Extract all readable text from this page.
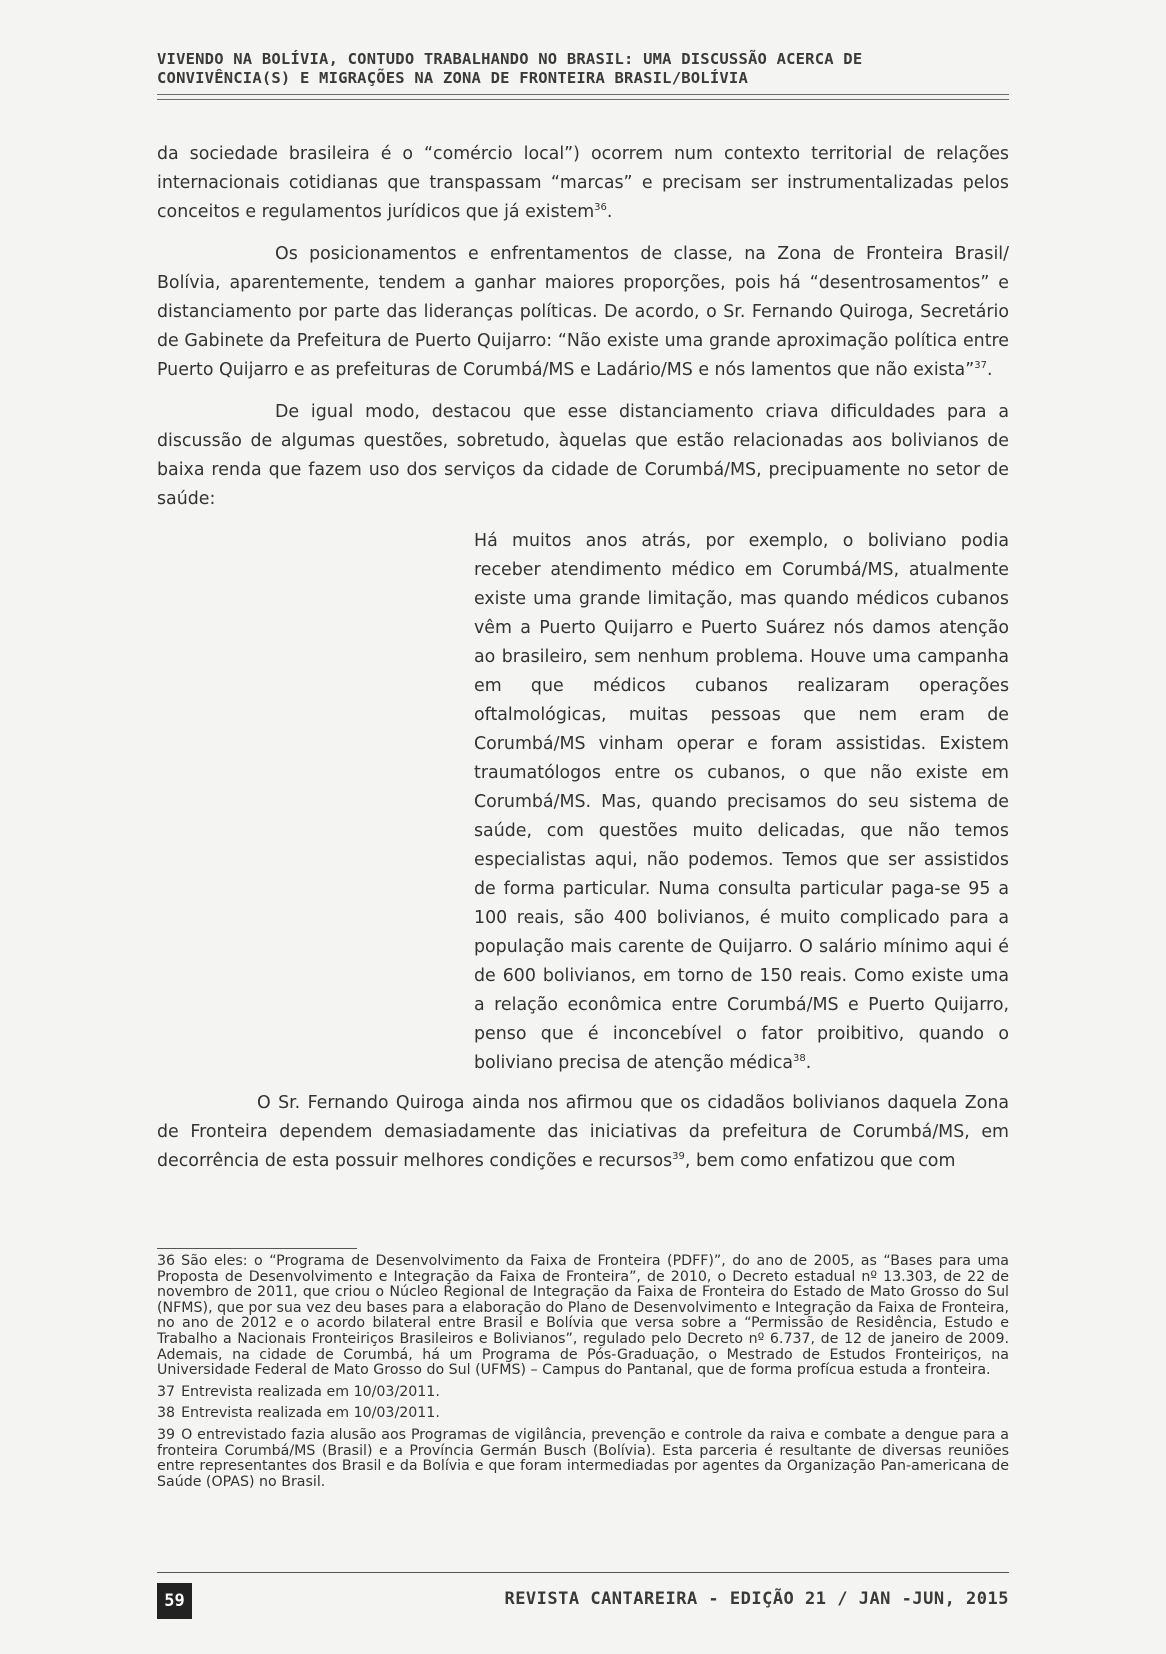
VIVENDO NA BOLÍVIA, CONTUDO TRABALHANDO NO BRASIL: UMA DISCUSSÃO ACERCA DE
CONVIVÊNCIA(S) E MIGRAÇÕES NA ZONA DE FRONTEIRA BRASIL/BOLÍVIA

da sociedade brasileira é o “comércio local”) ocorrem num contexto territorial de relações internacionais cotidianas que transpassam “marcas” e precisam ser instrumentalizadas pelos conceitos e regulamentos jurídicos que já existem$^{36}$.

Os posicionamentos e enfrentamentos de classe, na Zona de Fronteira Brasil/ Bolívia, aparentemente, tendem a ganhar maiores proporções, pois há “desentrosamentos” e distanciamento por parte das lideranças políticas. De acordo, o Sr. Fernando Quiroga, Secretário de Gabinete da Prefeitura de Puerto Quijarro: “Não existe uma grande aproximação política entre Puerto Quijarro e as prefeituras de Corumbá/MS e Ladário/MS e nós lamentos que não exista”$^{37}$.

De igual modo, destacou que esse distanciamento criava dificuldades para a discussão de algumas questões, sobretudo, àquelas que estão relacionadas aos bolivianos de baixa renda que fazem uso dos serviços da cidade de Corumbá/MS, precipuamente no setor de saúde:

Há muitos anos atrás, por exemplo, o boliviano podia receber atendimento médico em Corumbá/MS, atualmente existe uma grande limitação, mas quando médicos cubanos vêm a Puerto Quijarro e Puerto Suárez nós damos atenção ao brasileiro, sem nenhum problema. Houve uma campanha em que médicos cubanos realizaram operações oftalmológicas, muitas pessoas que nem eram de Corumbá/MS vinham operar e foram assistidas. Existem traumatólogos entre os cubanos, o que não existe em Corumbá/MS. Mas, quando precisamos do seu sistema de saúde, com questões muito delicadas, que não temos especialistas aqui, não podemos. Temos que ser assistidos de forma particular. Numa consulta particular paga-se 95 a 100 reais, são 400 bolivianos, é muito complicado para a população mais carente de Quijarro. O salário mínimo aqui é de 600 bolivianos, em torno de 150 reais. Como existe uma a relação econômica entre Corumbá/MS e Puerto Quijarro, penso que é inconcebível o fator proibitivo, quando o boliviano precisa de atenção médica$^{38}$.

O Sr. Fernando Quiroga ainda nos afirmou que os cidadãos bolivianos daquela Zona de Fronteira dependem demasiadamente das iniciativas da prefeitura de Corumbá/MS, em decorrência de esta possuir melhores condições e recursos$^{39}$, bem como enfatizou que com

36 São eles: o “Programa de Desenvolvimento da Faixa de Fronteira (PDFF)”, do ano de 2005, as “Bases para uma Proposta de Desenvolvimento e Integração da Faixa de Fronteira”, de 2010, o Decreto estadual nº 13.303, de 22 de novembro de 2011, que criou o Núcleo Regional de Integração da Faixa de Fronteira do Estado de Mato Grosso do Sul (NFMS), que por sua vez deu bases para a elaboração do Plano de Desenvolvimento e Integração da Faixa de Fronteira, no ano de 2012 e o acordo bilateral entre Brasil e Bolívia que versa sobre a “Permissão de Residência, Estudo e Trabalho a Nacionais Fronteiriços Brasileiros e Bolivianos”, regulado pelo Decreto nº 6.737, de 12 de janeiro de 2009. Ademais, na cidade de Corumbá, há um Programa de Pós-Graduação, o Mestrado de Estudos Fronteiriços, na Universidade Federal de Mato Grosso do Sul (UFMS) – Campus do Pantanal, que de forma profícua estuda a fronteira.
37 Entrevista realizada em 10/03/2011.
38 Entrevista realizada em 10/03/2011.
39 O entrevistado fazia alusão aos Programas de vigilância, prevenção e controle da raiva e combate a dengue para a fronteira Corumbá/MS (Brasil) e a Província Germán Busch (Bolívia). Esta parceria é resultante de diversas reuniões entre representantes dos Brasil e da Bolívia e que foram intermediadas por agentes da Organização Pan-americana de Saúde (OPAS) no Brasil.
59	REVISTA CANTAREIRA - EDIÇÃO 21 / JAN -JUN, 2015
